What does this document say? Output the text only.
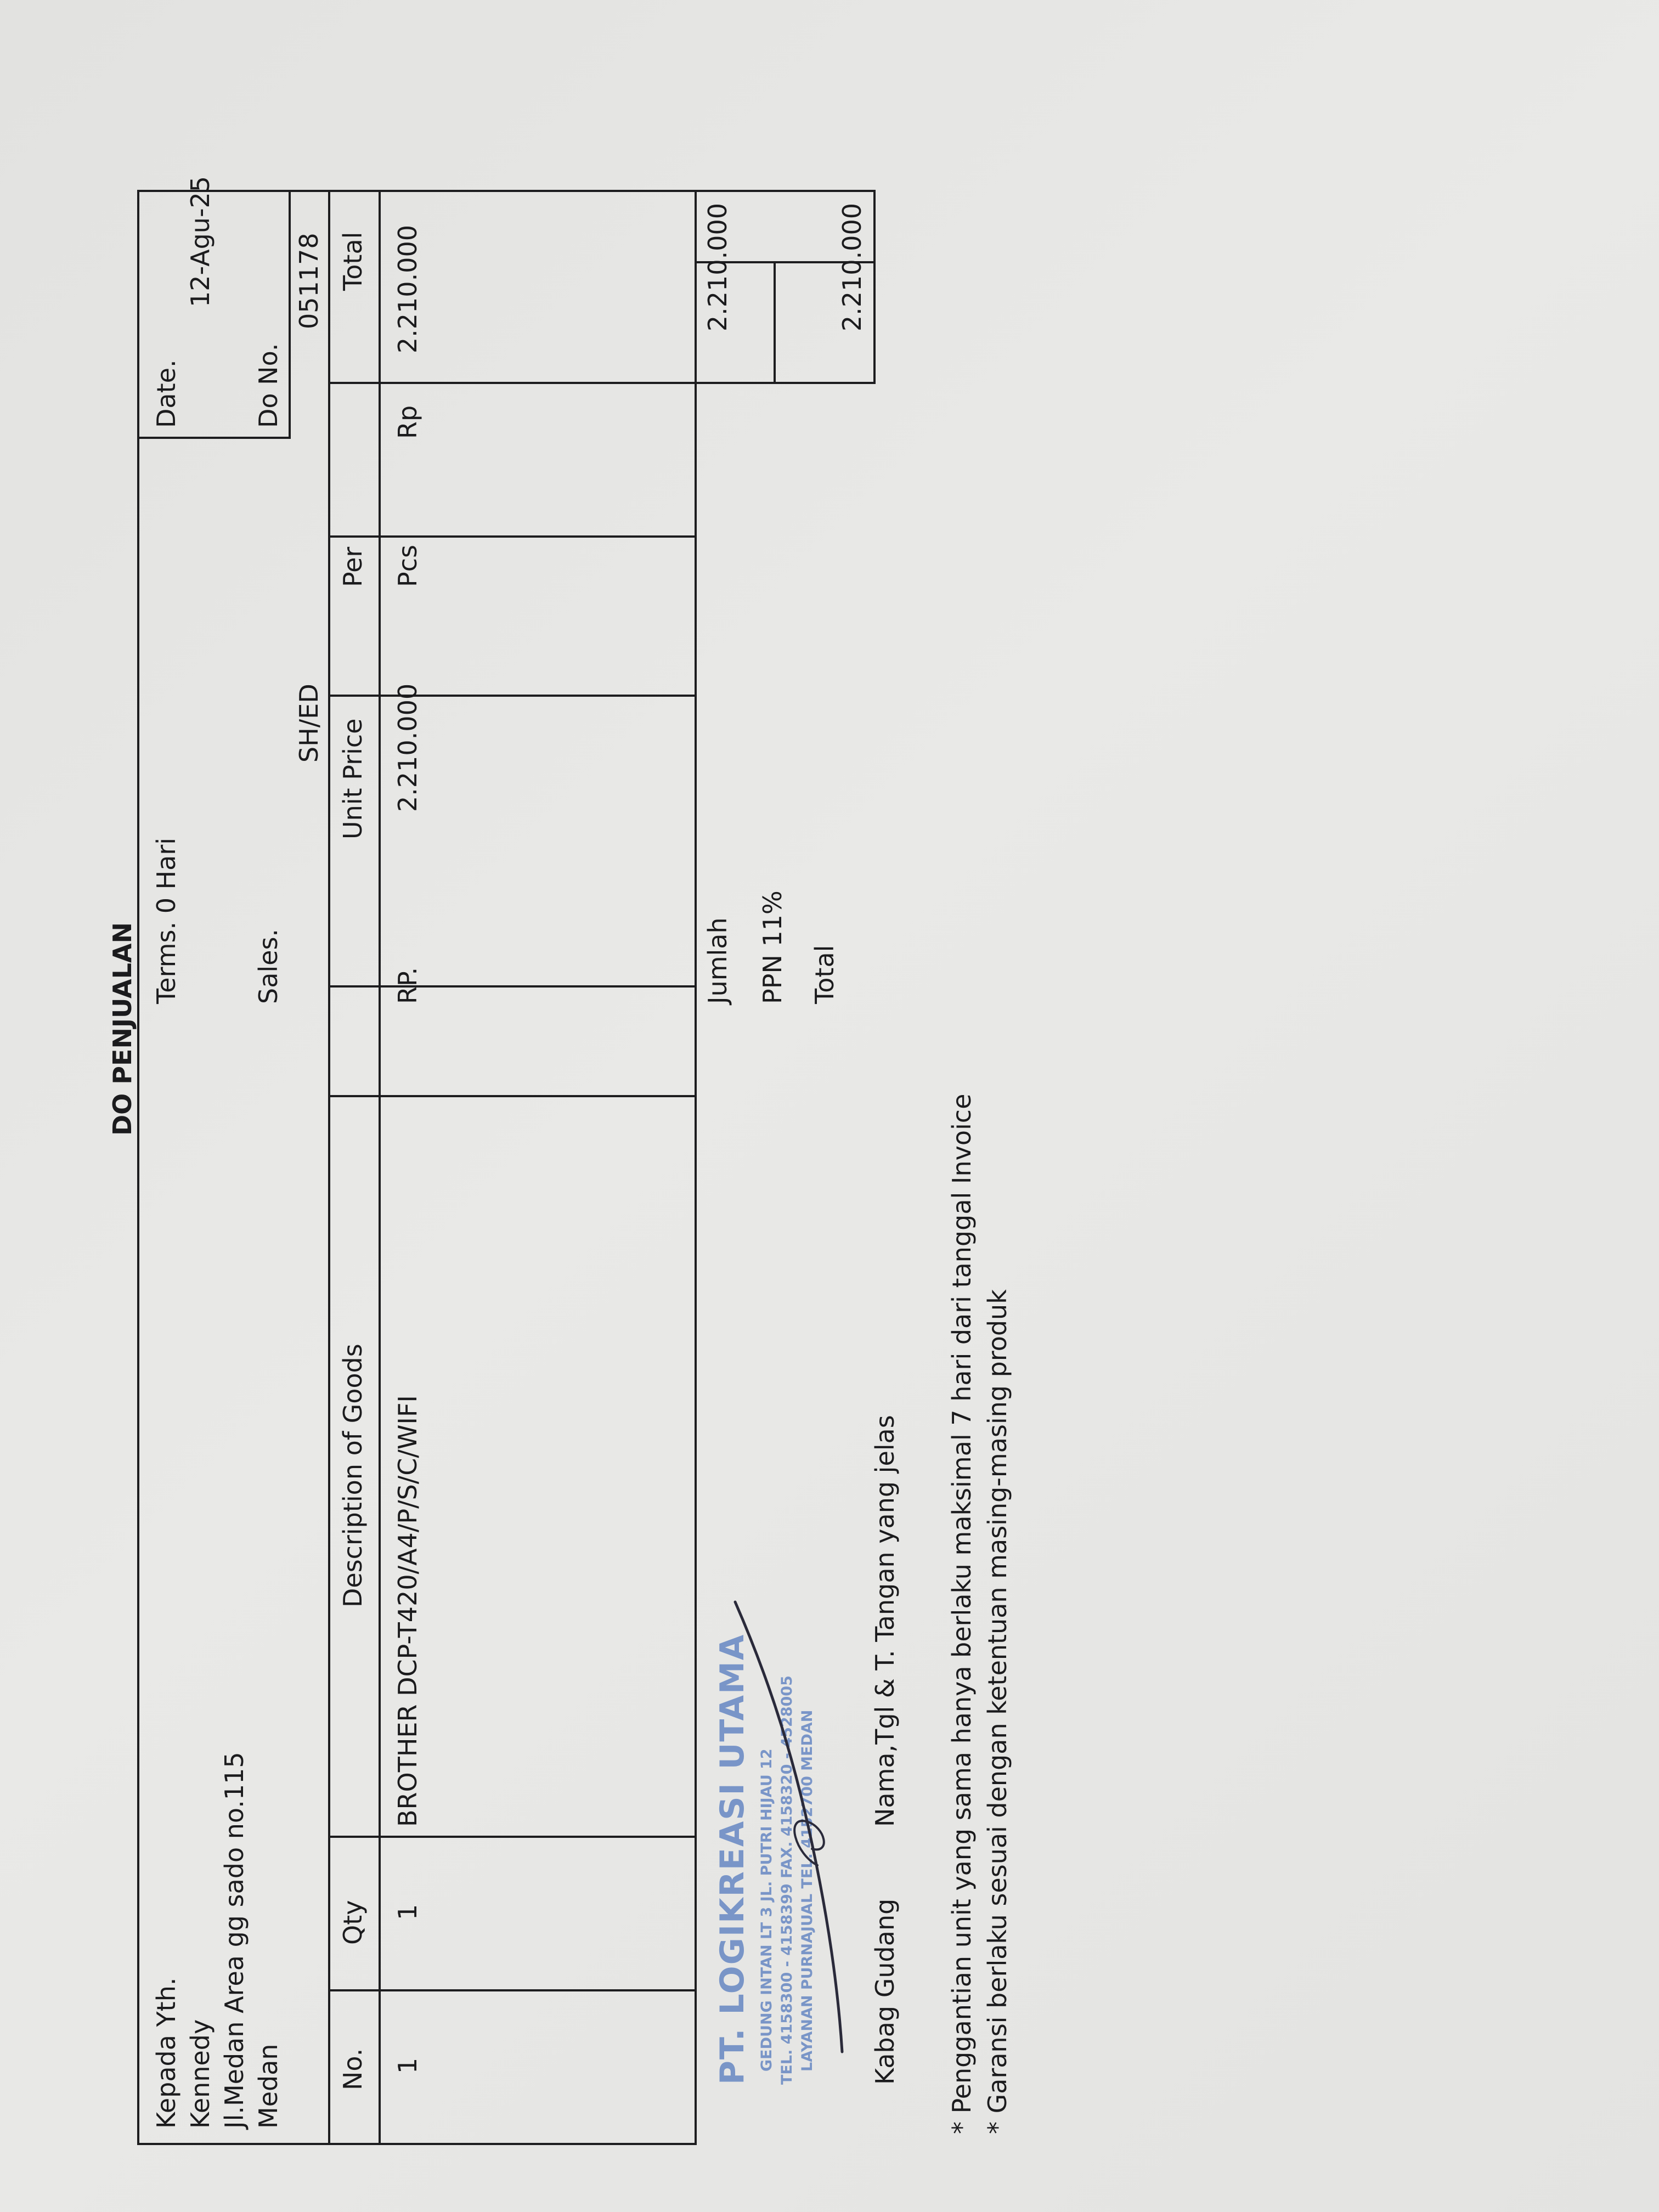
DO PENJUALAN
Kepada Yth. Kennedy Jl.Medan Area gg sado no.115 Medan
Terms. 0 Hari	Sales.
SH/ED
Date.
12-Agu-25
Do No.
051178
No.
Qty
Description of Goods
Unit Price
Per
Total
1
1
BROTHER DCP-T420/A4/P/S/C/WIFI
RP.
2.210.000
Pcs
Rp
2.210.000
Jumlah
2.210.000
PPN 11% Total
2.210.000
PT. LOGIKREASI UTAMA GEDUNG INTAN LT 3 JL. PUTRI HIJAU 12 TEL. 4158300 - 4158399 FAX. 4158320 - 4528005 LAYANAN PURNAJUAL TEL. 4152700 MEDAN Kabag Gudang
Nama,Tgl & T. Tangan yang jelas * Penggantian unit yang sama hanya berlaku maksimal 7 hari dari tanggal Invoice * Garansi berlaku sesuai dengan ketentuan masing-masing produk
